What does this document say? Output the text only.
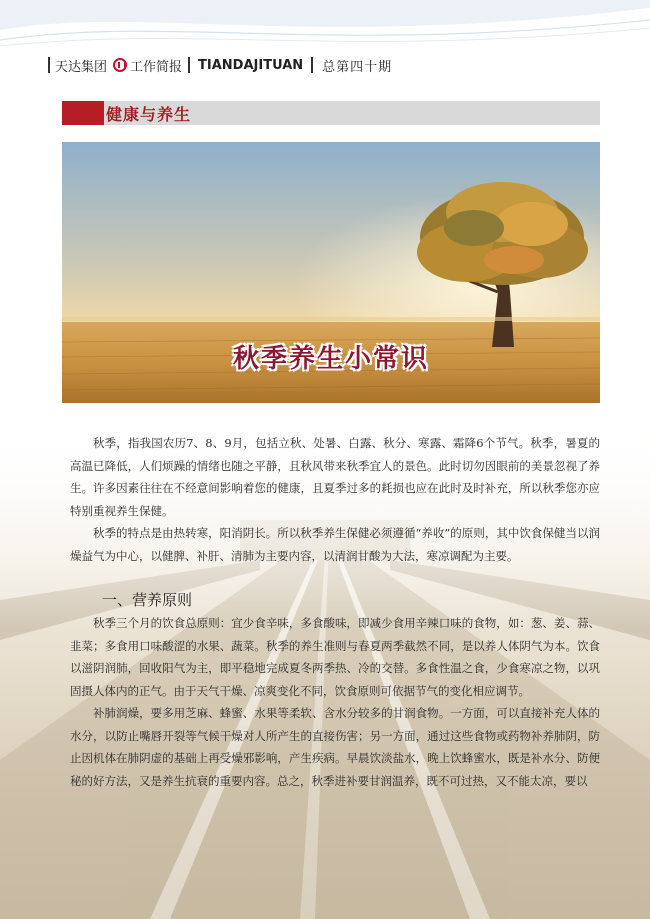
天达集团 工作简报 TIANDAJITUAN 总第四十期
健康与养生
秋季养生小常识

秋季，指我国农历7、8、9月，包括立秋、处暑、白露、秋分、寒露、霜降6个节气。秋季，暑夏的高温已降低，人们烦躁的情绪也随之平静，且秋风带来秋季宜人的景色。此时切勿因眼前的美景忽视了养生。许多因素往往在不经意间影响着您的健康，且夏季过多的耗损也应在此时及时补充，所以秋季您亦应特别重视养生保健。

秋季的特点是由热转寒，阳消阴长。所以秋季养生保健必须遵循“养收”的原则，其中饮食保健当以润燥益气为中心，以健脾、补肝、清肺为主要内容，以清润甘酸为大法，寒凉调配为主要。

一、营养原则

秋季三个月的饮食总原则：宜少食辛味，多食酸味，即减少食用辛辣口味的食物，如：葱、姜、蒜、韭菜；多食用口味酸涩的水果、蔬菜。秋季的养生准则与春夏两季截然不同，是以养人体阴气为本。饮食以滋阴润肺，回收阳气为主，即平稳地完成夏冬两季热、冷的交替。多食性温之食，少食寒凉之物，以巩固摄人体内的正气。由于天气干燥、凉爽变化不同，饮食原则可依据节气的变化相应调节。

补肺润燥，要多用芝麻、蜂蜜、水果等柔软、含水分较多的甘润食物。一方面，可以直接补充人体的水分，以防止嘴唇开裂等气候干燥对人所产生的直接伤害；另一方面，通过这些食物或药物补养肺阴，防止因机体在肺阴虚的基础上再受燥邪影响，产生疾病。早晨饮淡盐水，晚上饮蜂蜜水，既是补水分、防便秘的好方法，又是养生抗衰的重要内容。总之，秋季进补要甘润温养，既不可过热，又不能太凉，要以
